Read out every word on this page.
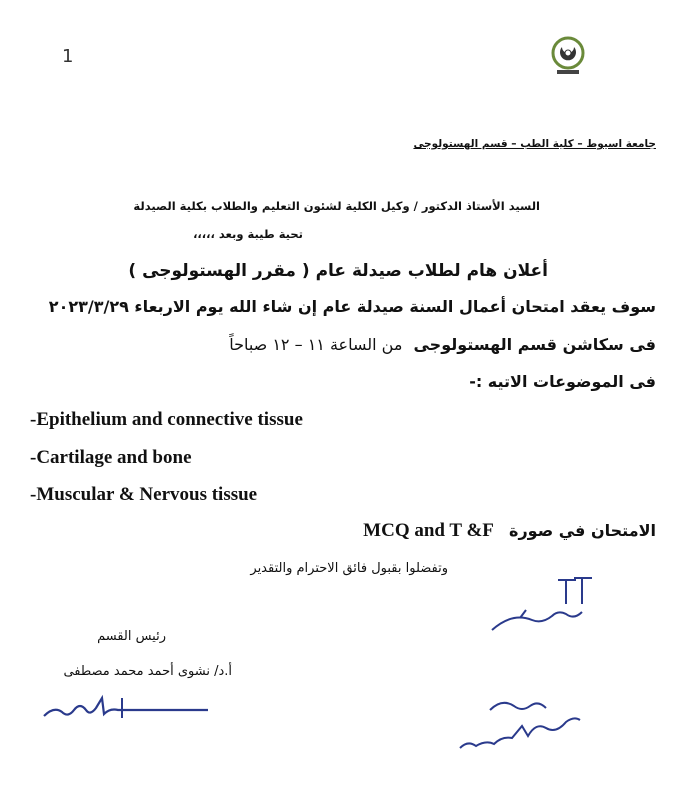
1
جامعة اسيوط – كلية الطب – قسم الهستولوجى
السيد الأستاذ الدكتور / وكيل الكلية لشئون التعليم والطلاب بكلية الصيدلة
تحية طيبة وبعد ،،،،،
أعلان هام لطلاب صيدلة عام ( مقرر الهستولوجى )
سوف يعقد امتحان أعمال السنة صيدلة عام إن شاء الله يوم الاربعاء ٢٠٢٣/٣/٢٩
فى سكاشن قسم الهستولوجى من الساعة ١١ – ١٢ صباحاً
فى الموضوعات الاتيه :-
-Epithelium and connective tissue
-Cartilage and bone
-Muscular & Nervous tissue
الامتحان في صورة MCQ and T &F
وتفضلوا بقبول فائق الاحترام والتقدير
رئيس القسم
أ.د/ نشوى أحمد محمد مصطفى
